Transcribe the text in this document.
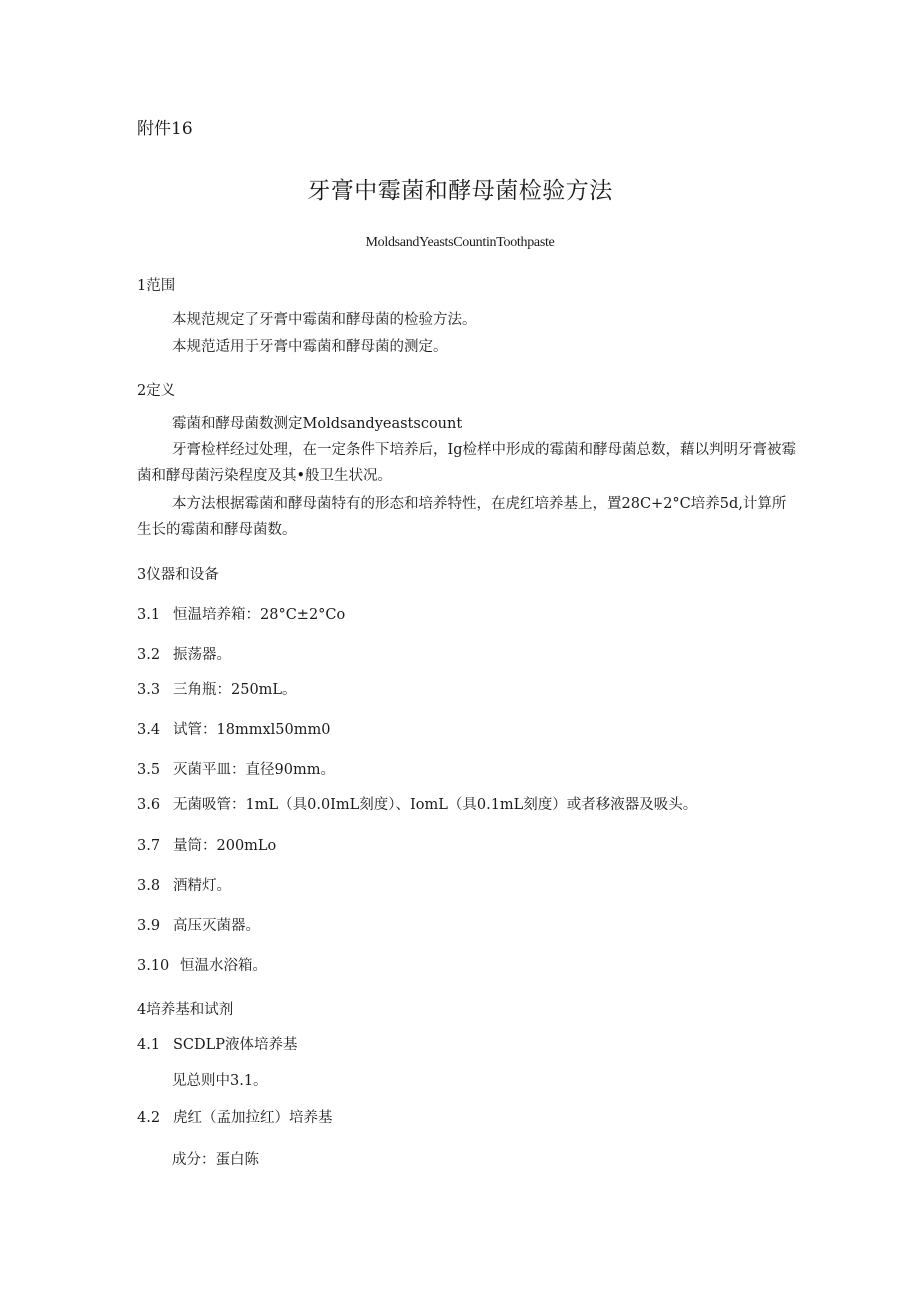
附件16
牙膏中霉菌和酵母菌检验方法
MoldsandYeastsCountinToothpaste
1范围
本规范规定了牙膏中霉菌和酵母菌的检验方法。
本规范适用于牙膏中霉菌和酵母菌的测定。
2定义
霉菌和酵母菌数测定Moldsandyeastscount
牙膏检样经过处理，在一定条件下培养后，Ig检样中形成的霉菌和酵母菌总数，藉以判明牙膏被霉菌和酵母菌污染程度及其•般卫生状况。
本方法根据霉菌和酵母菌特有的形态和培养特性，在虎红培养基上，置28C+2°C培养5d,计算所生长的霉菌和酵母菌数。
3仪器和设备
3.1 恒温培养箱：28°C±2°Co
3.2 振荡器。
3.3 三角瓶：250mL。
3.4 试管：18mmxl50mm0
3.5 灭菌平皿：直径90mm。
3.6 无菌吸管：1mL（具0.0ImL刻度）、IomL（具0.1mL刻度）或者移液器及吸头。
3.7 量筒：200mLo
3.8 酒精灯。
3.9 高压灭菌器。
3.10 恒温水浴箱。
4培养基和试剂
4.1 SCDLP液体培养基
见总则中3.1。
4.2 虎红（孟加拉红）培养基
成分：蛋白陈
